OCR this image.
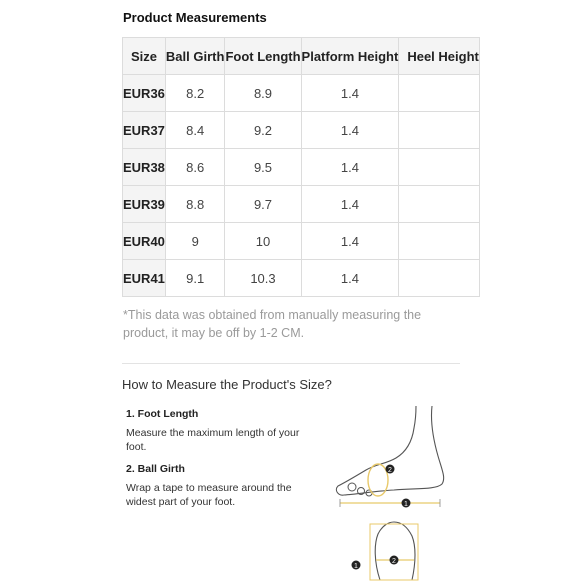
Product Measurements
Size	Ball Girth	Foot Length	Platform Height	Heel Height
EUR36	8.2	8.9	1.4	
EUR37	8.4	9.2	1.4	
EUR38	8.6	9.5	1.4	
EUR39	8.8	9.7	1.4	
EUR40	9	10	1.4	
EUR41	9.1	10.3	1.4	
*This data was obtained from manually measuring the product, it may be off by 1-2 CM.
How to Measure the Product's Size?
1. Foot Length
Measure the maximum length of your foot.
2. Ball Girth
Wrap a tape to measure around the widest part of your foot.
2
1
2
1
